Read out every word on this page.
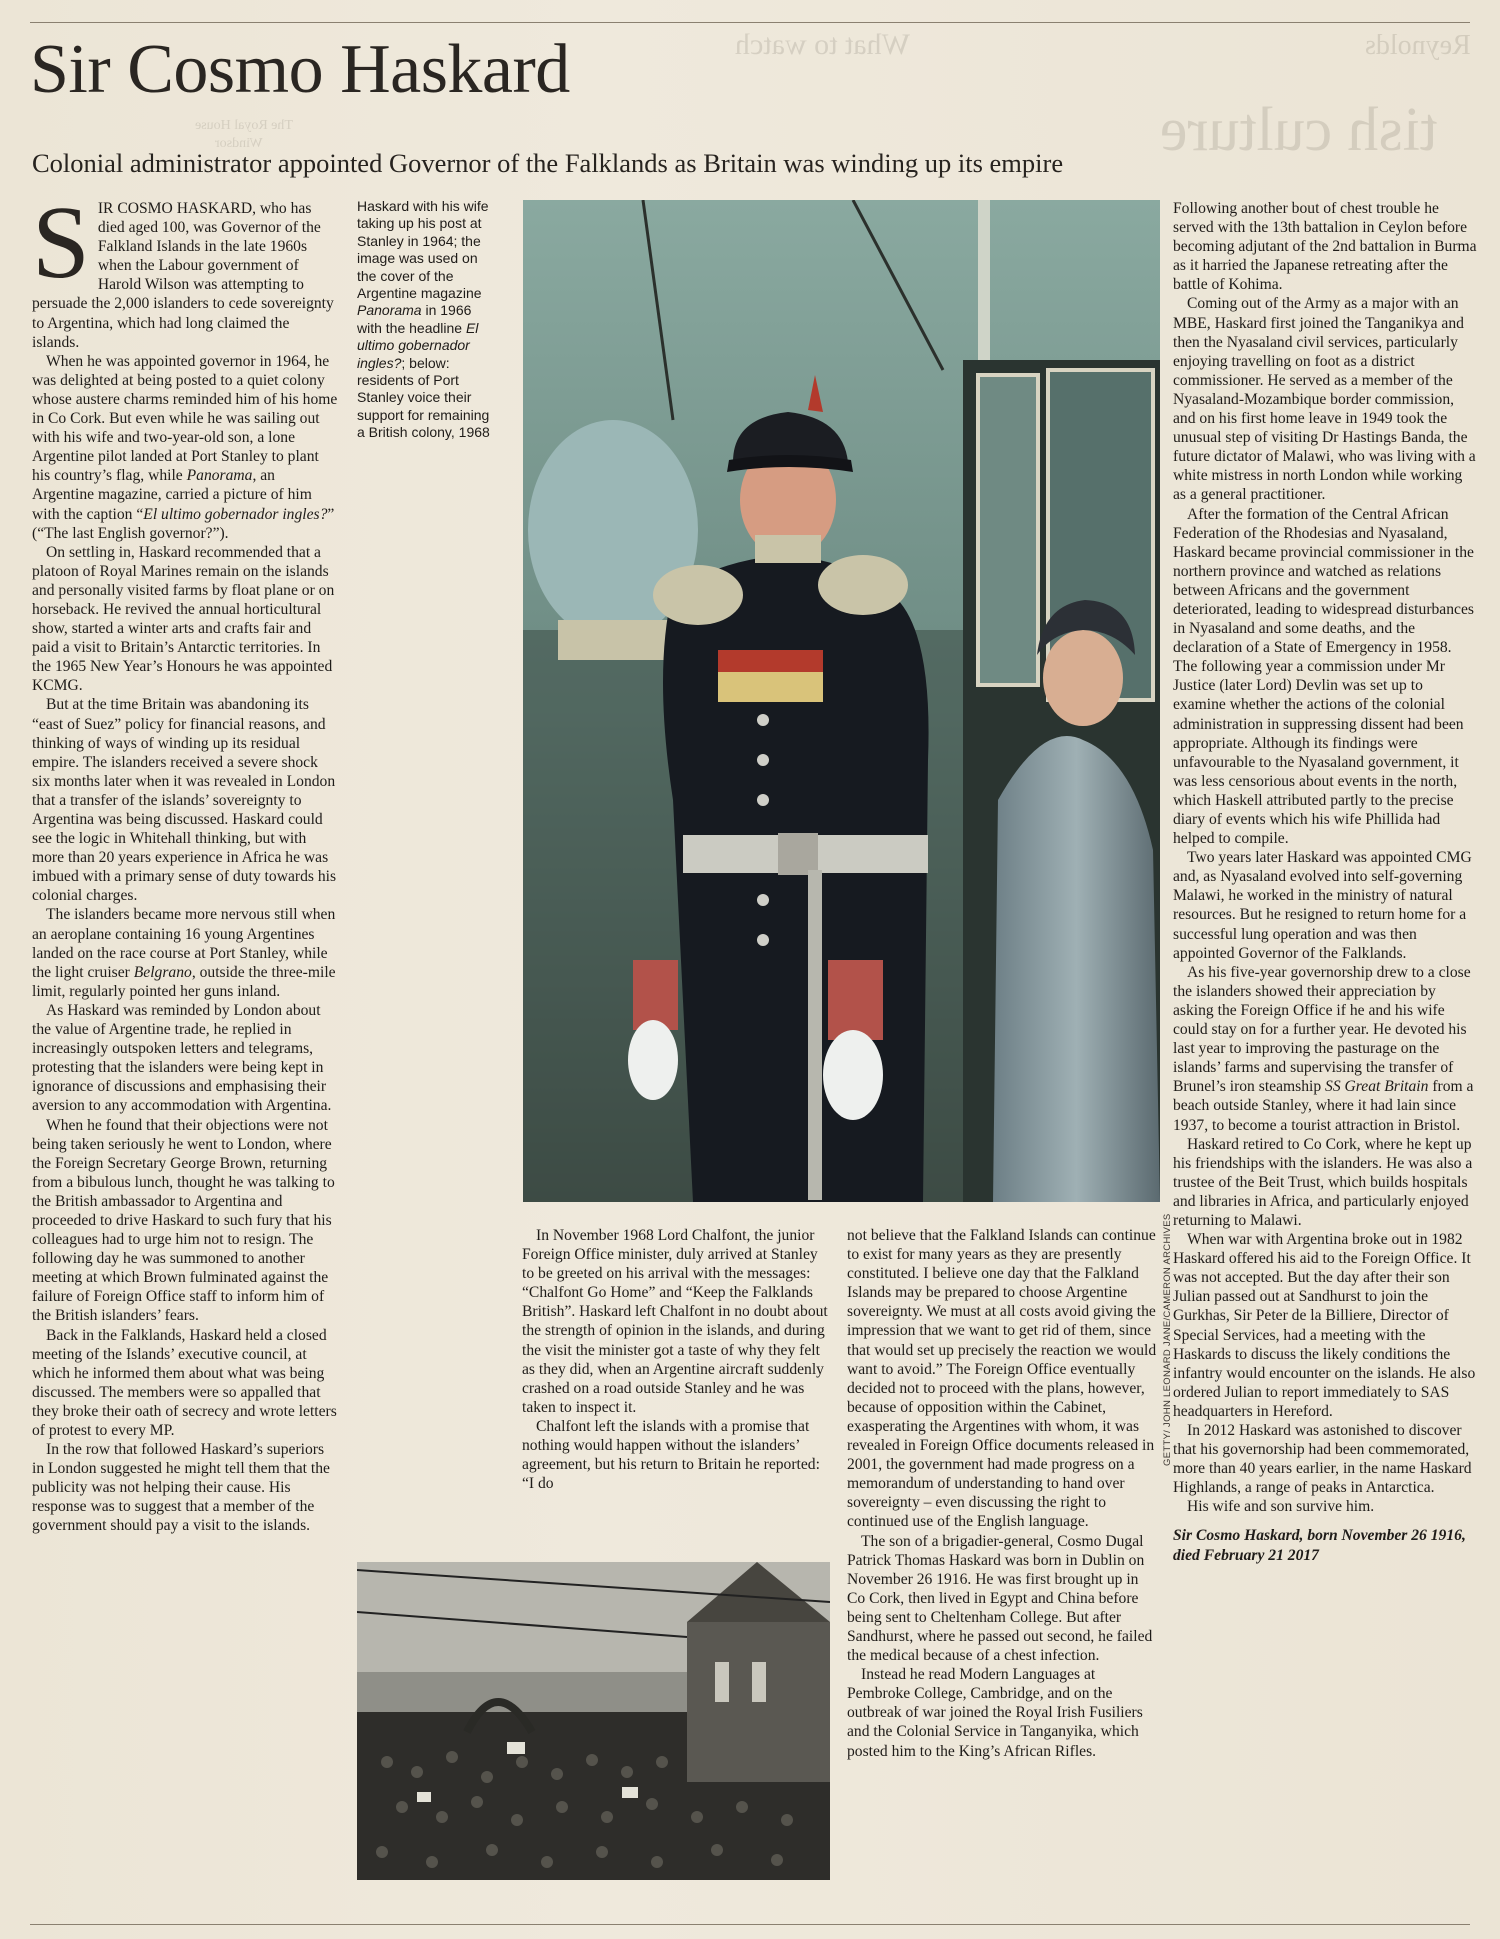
What to watch	Reynolds
tish culture
The Royal House
Windsor
Sir Cosmo Haskard
Colonial administrator appointed Governor of the Falklands as Britain was winding up its empire

SIR COSMO HASKARD, who has died aged 100, was Governor of the Falkland Islands in the late 1960s when the Labour government of Harold Wilson was attempting to persuade the 2,000 islanders to cede sovereignty to Argentina, which had long claimed the islands.

When he was appointed governor in 1964, he was delighted at being posted to a quiet colony whose austere charms reminded him of his home in Co Cork. But even while he was sailing out with his wife and two-year-old son, a lone Argentine pilot landed at Port Stanley to plant his country’s flag, while Panorama, an Argentine magazine, carried a picture of him with the caption “El ultimo gobernador ingles?” (“The last English governor?”).

On settling in, Haskard recommended that a platoon of Royal Marines remain on the islands and personally visited farms by float plane or on horseback. He revived the annual horticultural show, started a winter arts and crafts fair and paid a visit to Britain’s Antarctic territories. In the 1965 New Year’s Honours he was appointed KCMG.

But at the time Britain was abandoning its “east of Suez” policy for financial reasons, and thinking of ways of winding up its residual empire. The islanders received a severe shock six months later when it was revealed in London that a transfer of the islands’ sovereignty to Argentina was being discussed. Haskard could see the logic in Whitehall thinking, but with more than 20 years experience in Africa he was imbued with a primary sense of duty towards his colonial charges.

The islanders became more nervous still when an aeroplane containing 16 young Argentines landed on the race course at Port Stanley, while the light cruiser Belgrano, outside the three-mile limit, regularly pointed her guns inland.

As Haskard was reminded by London about the value of Argentine trade, he replied in increasingly outspoken letters and telegrams, protesting that the islanders were being kept in ignorance of discussions and emphasising their aversion to any accommodation with Argentina.

When he found that their objections were not being taken seriously he went to London, where the Foreign Secretary George Brown, returning from a bibulous lunch, thought he was talking to the British ambassador to Argentina and proceeded to drive Haskard to such fury that his colleagues had to urge him not to resign. The following day he was summoned to another meeting at which Brown fulminated against the failure of Foreign Office staff to inform him of the British islanders’ fears.

Back in the Falklands, Haskard held a closed meeting of the Islands’ executive council, at which he informed them about what was being discussed. The members were so appalled that they broke their oath of secrecy and wrote letters of protest to every MP.

In the row that followed Haskard’s superiors in London suggested he might tell them that the publicity was not helping their cause. His response was to suggest that a member of the government should pay a visit to the islands.

Haskard with his wife taking up his post at Stanley in 1964; the image was used on the cover of the Argentine magazine Panorama in 1966 with the headline El ultimo gobernador ingles?; below: residents of Port Stanley voice their support for remaining a British colony, 1968
GETTY/ JOHN LEONARD JANE/CAMERON ARCHIVES

In November 1968 Lord Chalfont, the junior Foreign Office minister, duly arrived at Stanley to be greeted on his arrival with the messages: “Chalfont Go Home” and “Keep the Falklands British”. Haskard left Chalfont in no doubt about the strength of opinion in the islands, and during the visit the minister got a taste of why they felt as they did, when an Argentine aircraft suddenly crashed on a road outside Stanley and he was taken to inspect it.

Chalfont left the islands with a promise that nothing would happen without the islanders’ agreement, but his return to Britain he reported: “I do

not believe that the Falkland Islands can continue to exist for many years as they are presently constituted. I believe one day that the Falkland Islands may be prepared to choose Argentine sovereignty. We must at all costs avoid giving the impression that we want to get rid of them, since that would set up precisely the reaction we would want to avoid.” The Foreign Office eventually decided not to proceed with the plans, however, because of opposition within the Cabinet, exasperating the Argentines with whom, it was revealed in Foreign Office documents released in 2001, the government had made progress on a memorandum of understanding to hand over sovereignty – even discussing the right to continued use of the English language.

The son of a brigadier-general, Cosmo Dugal Patrick Thomas Haskard was born in Dublin on November 26 1916. He was first brought up in Co Cork, then lived in Egypt and China before being sent to Cheltenham College. But after Sandhurst, where he passed out second, he failed the medical because of a chest infection.

Instead he read Modern Languages at Pembroke College, Cambridge, and on the outbreak of war joined the Royal Irish Fusiliers and the Colonial Service in Tanganyika, which posted him to the King’s African Rifles.

Following another bout of chest trouble he served with the 13th battalion in Ceylon before becoming adjutant of the 2nd battalion in Burma as it harried the Japanese retreating after the battle of Kohima.

Coming out of the Army as a major with an MBE, Haskard first joined the Tanganikya and then the Nyasaland civil services, particularly enjoying travelling on foot as a district commissioner. He served as a member of the Nyasaland-Mozambique border commission, and on his first home leave in 1949 took the unusual step of visiting Dr Hastings Banda, the future dictator of Malawi, who was living with a white mistress in north London while working as a general practitioner.

After the formation of the Central African Federation of the Rhodesias and Nyasaland, Haskard became provincial commissioner in the northern province and watched as relations between Africans and the government deteriorated, leading to widespread disturbances in Nyasaland and some deaths, and the declaration of a State of Emergency in 1958. The following year a commission under Mr Justice (later Lord) Devlin was set up to examine whether the actions of the colonial administration in suppressing dissent had been appropriate. Although its findings were unfavourable to the Nyasaland government, it was less censorious about events in the north, which Haskell attributed partly to the precise diary of events which his wife Phillida had helped to compile.

Two years later Haskard was appointed CMG and, as Nyasaland evolved into self-governing Malawi, he worked in the ministry of natural resources. But he resigned to return home for a successful lung operation and was then appointed Governor of the Falklands.

As his five-year governorship drew to a close the islanders showed their appreciation by asking the Foreign Office if he and his wife could stay on for a further year. He devoted his last year to improving the pasturage on the islands’ farms and supervising the transfer of Brunel’s iron steamship SS Great Britain from a beach outside Stanley, where it had lain since 1937, to become a tourist attraction in Bristol.

Haskard retired to Co Cork, where he kept up his friendships with the islanders. He was also a trustee of the Beit Trust, which builds hospitals and libraries in Africa, and particularly enjoyed returning to Malawi.

When war with Argentina broke out in 1982 Haskard offered his aid to the Foreign Office. It was not accepted. But the day after their son Julian passed out at Sandhurst to join the Gurkhas, Sir Peter de la Billiere, Director of Special Services, had a meeting with the Haskards to discuss the likely conditions the infantry would encounter on the islands. He also ordered Julian to report immediately to SAS headquarters in Hereford.

In 2012 Haskard was astonished to discover that his governorship had been commemorated, more than 40 years earlier, in the name Haskard Highlands, a range of peaks in Antarctica.

His wife and son survive him.

Sir Cosmo Haskard, born November 26 1916, died February 21 2017
